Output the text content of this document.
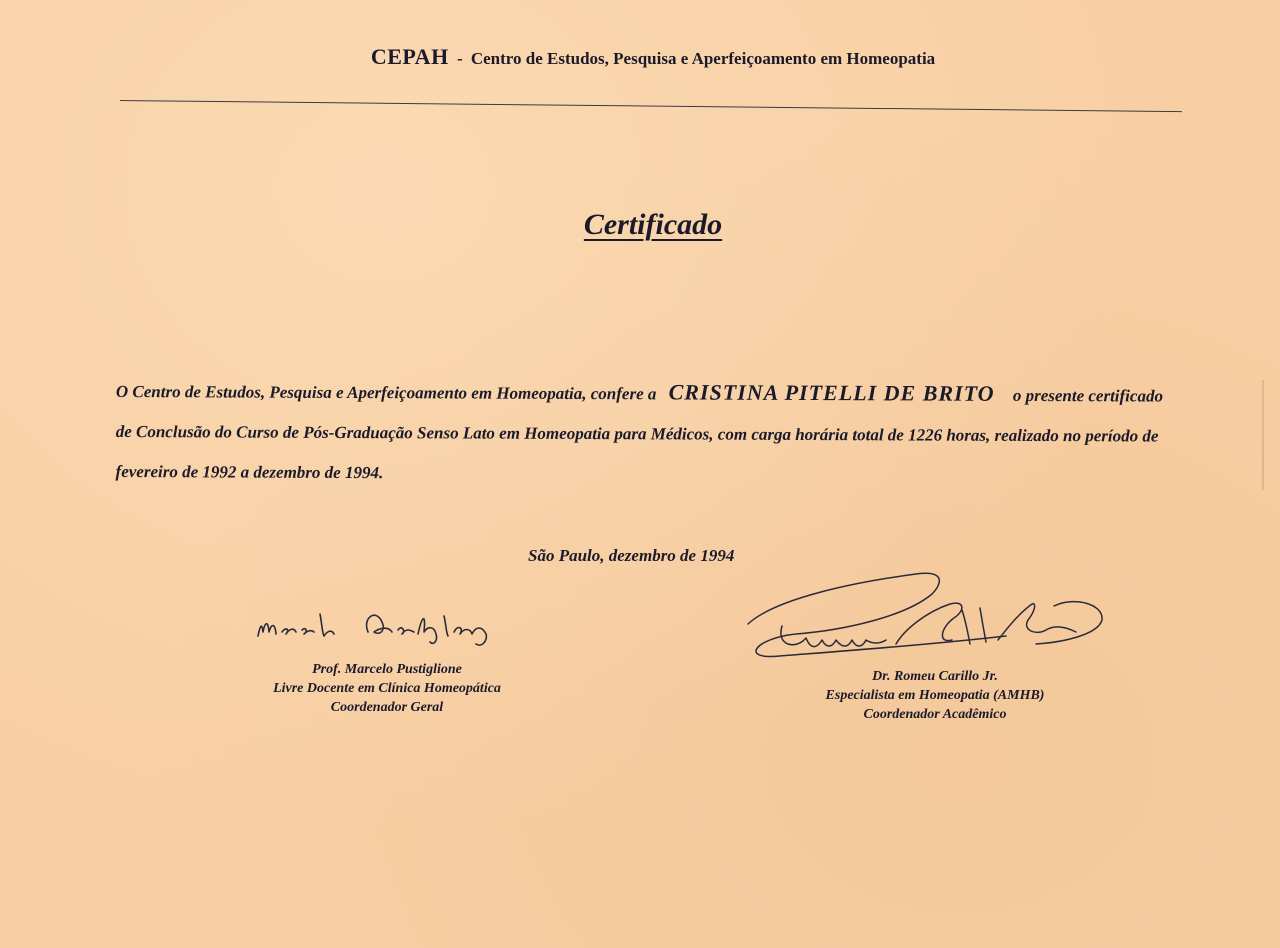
CEPAH - Centro de Estudos, Pesquisa e Aperfeiçoamento em Homeopatia
Certificado
O Centro de Estudos, Pesquisa e Aperfeiçoamento em Homeopatia, confere a CRISTINA PITELLI DE BRITO o presente certificado de Conclusão do Curso de Pós-Graduação Senso Lato em Homeopatia para Médicos, com carga horária total de 1226 horas, realizado no período de fevereiro de 1992 a dezembro de 1994.
São Paulo, dezembro de 1994
Prof. Marcelo Pustiglione
Livre Docente em Clínica Homeopática
Coordenador Geral
Dr. Romeu Carillo Jr.
Especialista em Homeopatia (AMHB)
Coordenador Acadêmico
